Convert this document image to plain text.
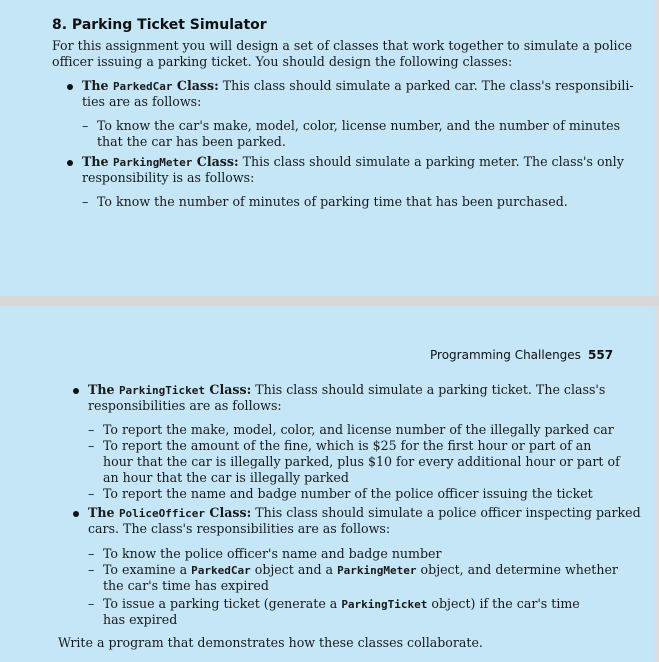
8. Parking Ticket Simulator
For this assignment you will design a set of classes that work together to simulate a police
officer issuing a parking ticket. You should design the following classes:
The ParkedCar Class: This class should simulate a parked car. The class's responsibili-
ties are as follows:
– To know the car's make, model, color, license number, and the number of minutes
that the car has been parked.
The ParkingMeter Class: This class should simulate a parking meter. The class's only
responsibility is as follows:
– To know the number of minutes of parking time that has been purchased.
Programming Challenges 557
The ParkingTicket Class: This class should simulate a parking ticket. The class's
responsibilities are as follows:
– To report the make, model, color, and license number of the illegally parked car
– To report the amount of the fine, which is $25 for the first hour or part of an
hour that the car is illegally parked, plus $10 for every additional hour or part of
an hour that the car is illegally parked
– To report the name and badge number of the police officer issuing the ticket
The PoliceOfficer Class: This class should simulate a police officer inspecting parked
cars. The class's responsibilities are as follows:
– To know the police officer's name and badge number
– To examine a ParkedCar object and a ParkingMeter object, and determine whether
the car's time has expired
– To issue a parking ticket (generate a ParkingTicket object) if the car's time
has expired
Write a program that demonstrates how these classes collaborate.
